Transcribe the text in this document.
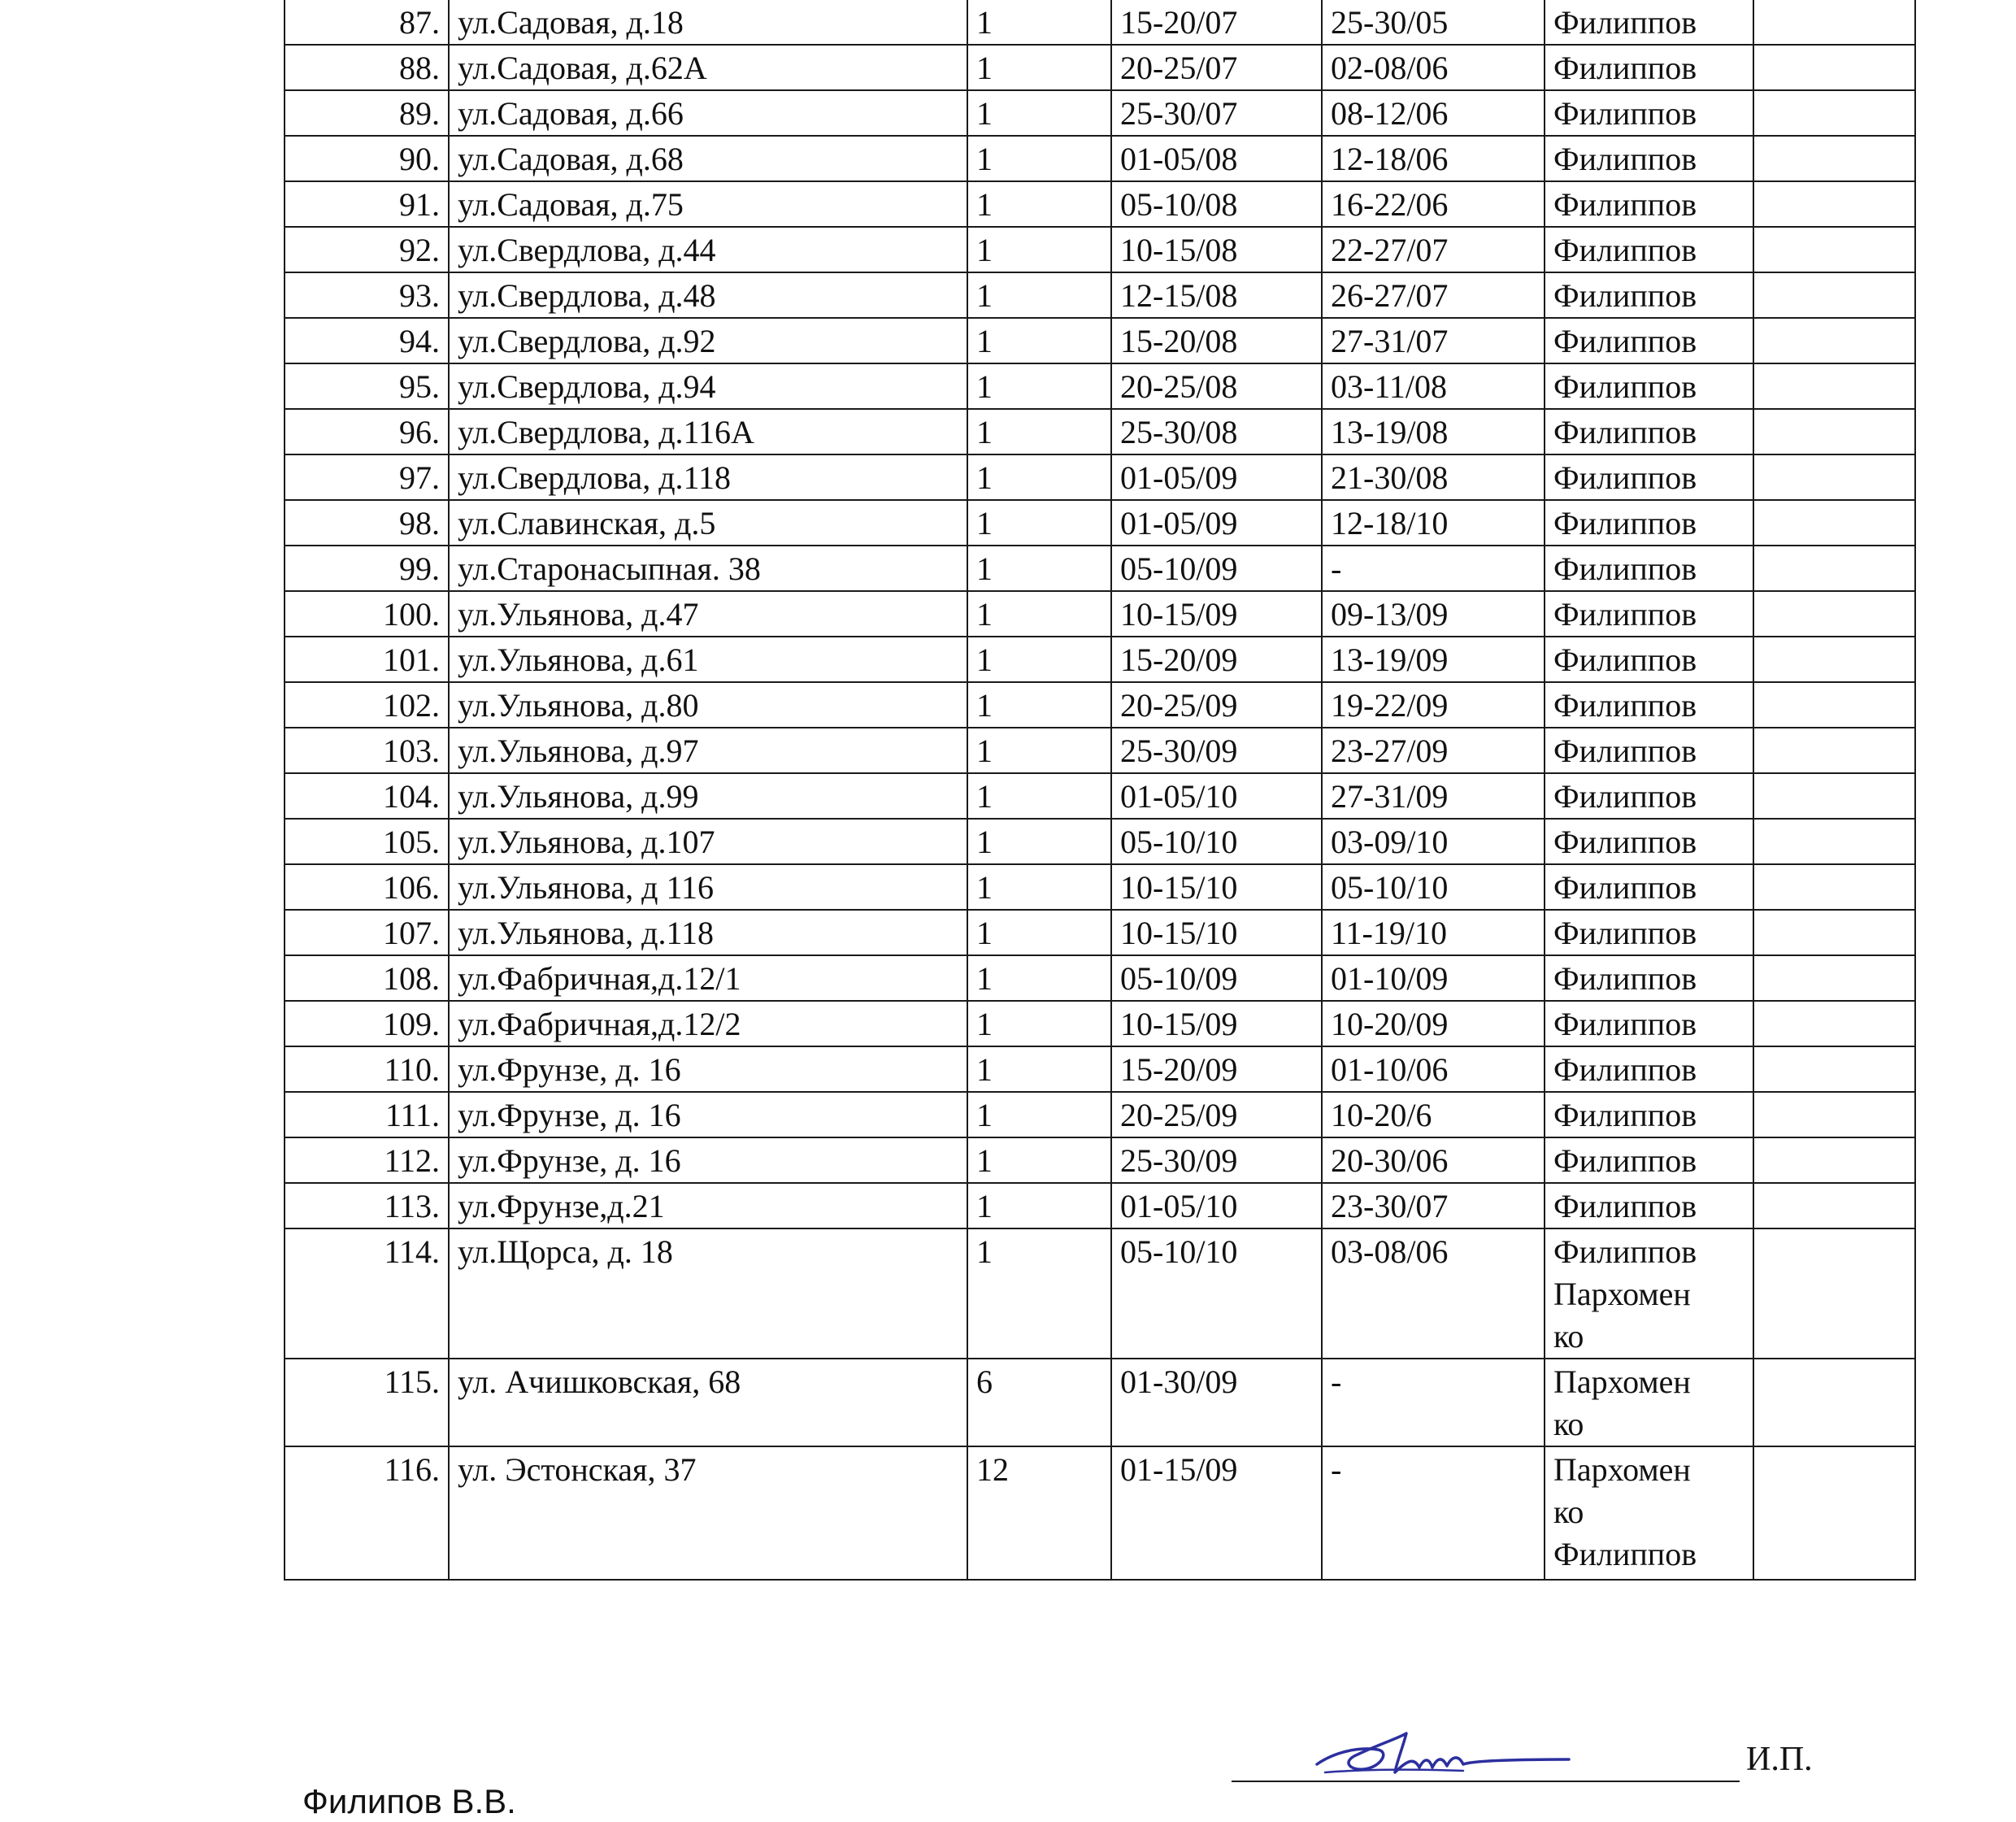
87.	ул.Садовая, д.18	1	15-20/07	25-30/05	Филиппов	

88.	ул.Садовая, д.62А	1	20-25/07	02-08/06	Филиппов	

89.	ул.Садовая, д.66	1	25-30/07	08-12/06	Филиппов	

90.	ул.Садовая, д.68	1	01-05/08	12-18/06	Филиппов	

91.	ул.Садовая, д.75	1	05-10/08	16-22/06	Филиппов	

92.	ул.Свердлова, д.44	1	10-15/08	22-27/07	Филиппов	

93.	ул.Свердлова, д.48	1	12-15/08	26-27/07	Филиппов	

94.	ул.Свердлова, д.92	1	15-20/08	27-31/07	Филиппов	

95.	ул.Свердлова, д.94	1	20-25/08	03-11/08	Филиппов	

96.	ул.Свердлова, д.116А	1	25-30/08	13-19/08	Филиппов	

97.	ул.Свердлова, д.118	1	01-05/09	21-30/08	Филиппов	

98.	ул.Славинская, д.5	1	01-05/09	12-18/10	Филиппов	

99.	ул.Старонасыпная. 38	1	05-10/09	-	Филиппов	

100.	ул.Ульянова, д.47	1	10-15/09	09-13/09	Филиппов	

101.	ул.Ульянова, д.61	1	15-20/09	13-19/09	Филиппов	

102.	ул.Ульянова, д.80	1	20-25/09	19-22/09	Филиппов	

103.	ул.Ульянова, д.97	1	25-30/09	23-27/09	Филиппов	

104.	ул.Ульянова, д.99	1	01-05/10	27-31/09	Филиппов	

105.	ул.Ульянова, д.107	1	05-10/10	03-09/10	Филиппов	

106.	ул.Ульянова, д 116	1	10-15/10	05-10/10	Филиппов	

107.	ул.Ульянова, д.118	1	10-15/10	11-19/10	Филиппов	

108.	ул.Фабричная,д.12/1	1	05-10/09	01-10/09	Филиппов	

109.	ул.Фабричная,д.12/2	1	10-15/09	10-20/09	Филиппов	

110.	ул.Фрунзе, д. 16	1	15-20/09	01-10/06	Филиппов	

111.	ул.Фрунзе, д. 16	1	20-25/09	10-20/6	Филиппов	

112.	ул.Фрунзе, д. 16	1	25-30/09	20-30/06	Филиппов	

113.	ул.Фрунзе,д.21	1	01-05/10	23-30/07	Филиппов	

114.	ул.Щорса, д. 18	1	05-10/10	03-08/06	Филиппов
Пархомен
ко	

115.	ул. Ачишковская, 68	6	01-30/09	-	Пархомен
ко	

116.	ул. Эстонская, 37	12	01-15/09	-	Пархомен
ко
Филиппов	

И.П.
Филипов В.В.
